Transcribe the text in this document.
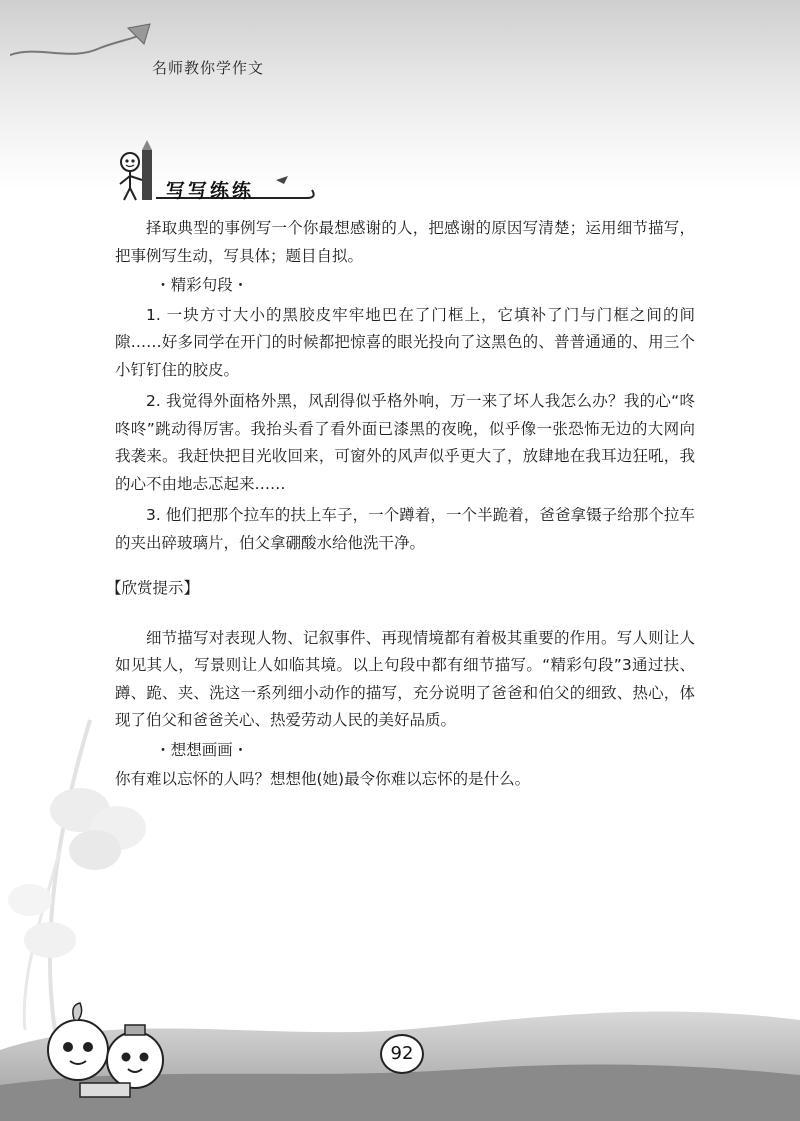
名师教你学作文
写写练练

择取典型的事例写一个你最想感谢的人，把感谢的原因写清楚；运用细节描写，把事例写生动，写具体；题目自拟。

・精彩句段・

1. 一块方寸大小的黑胶皮牢牢地巴在了门框上，它填补了门与门框之间的间隙……好多同学在开门的时候都把惊喜的眼光投向了这黑色的、普普通通的、用三个小钉钉住的胶皮。

2. 我觉得外面格外黑，风刮得似乎格外响，万一来了坏人我怎么办？我的心“咚咚咚”跳动得厉害。我抬头看了看外面已漆黑的夜晚，似乎像一张恐怖无边的大网向我袭来。我赶快把目光收回来，可窗外的风声似乎更大了，放肆地在我耳边狂吼，我的心不由地忐忑起来……

3. 他们把那个拉车的扶上车子，一个蹲着，一个半跪着，爸爸拿镊子给那个拉车的夹出碎玻璃片，伯父拿硼酸水给他洗干净。

【欣赏提示】

细节描写对表现人物、记叙事件、再现情境都有着极其重要的作用。写人则让人如见其人，写景则让人如临其境。以上句段中都有细节描写。“精彩句段”3通过扶、蹲、跪、夹、洗这一系列细小动作的描写，充分说明了爸爸和伯父的细致、热心，体现了伯父和爸爸关心、热爱劳动人民的美好品质。

・想想画画・

你有难以忘怀的人吗？想想他(她)最令你难以忘怀的是什么。

92
